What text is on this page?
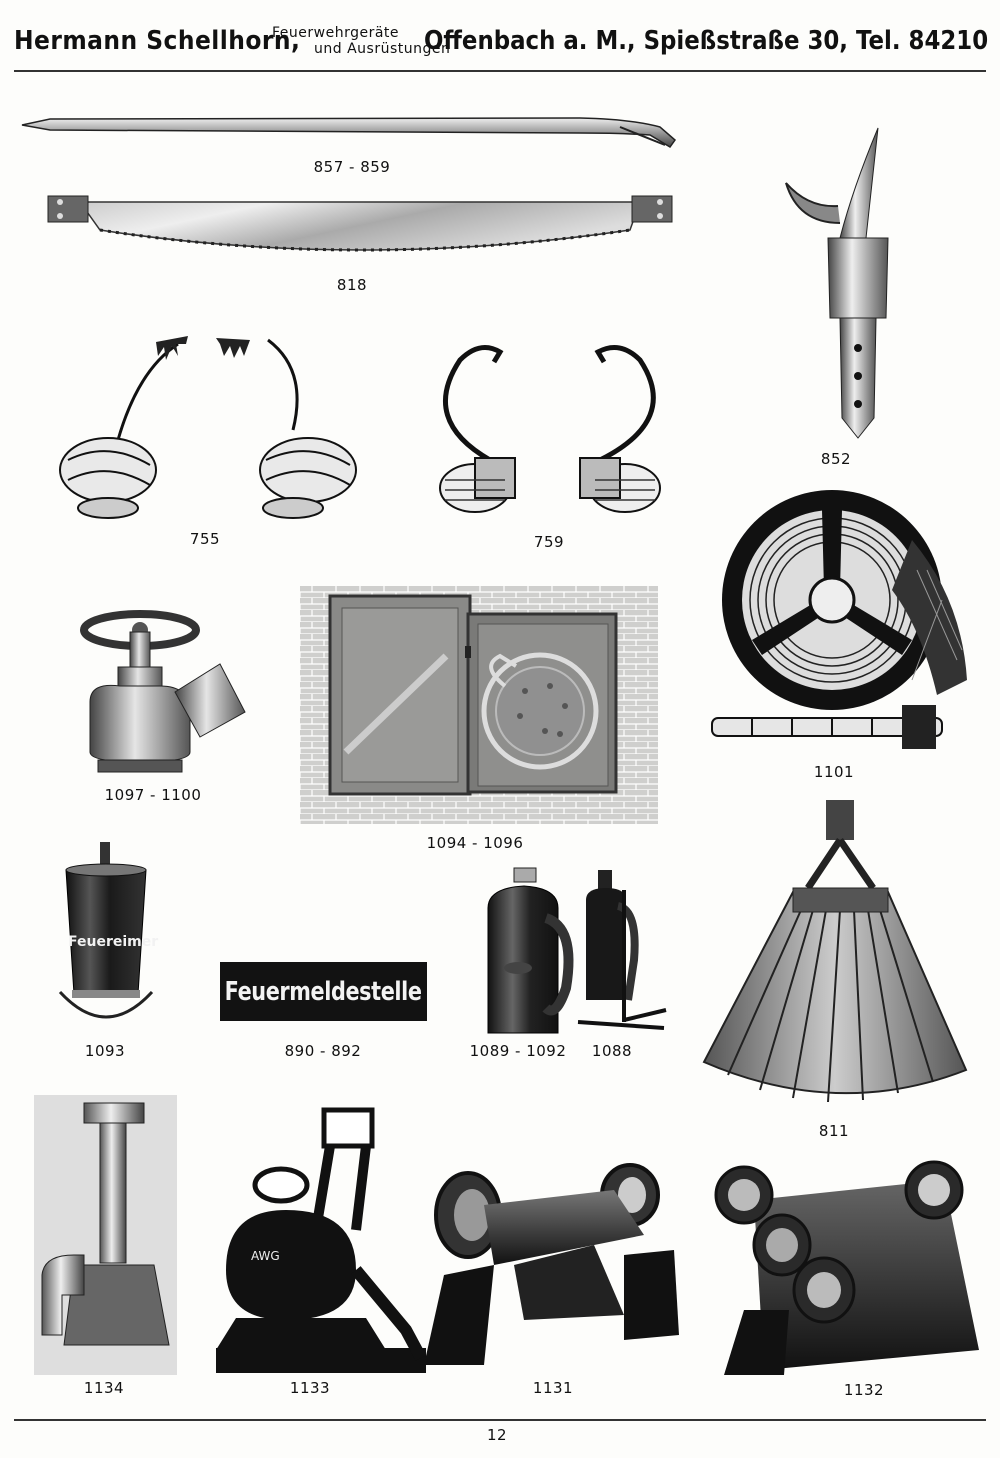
Hermann Schellhorn,
Feuerwehrgeräte
und Ausrüstungen
Offenbach a. M., Spießstraße 30, Tel. 84210
857 - 859
818
852
755	759
1101
1097 - 1100
1094 - 1096
Feuereimer
1093
Feuermeldestelle
890 - 892	1089 - 1092 1088
811
1134
AWG
1133	1131	1132
12
